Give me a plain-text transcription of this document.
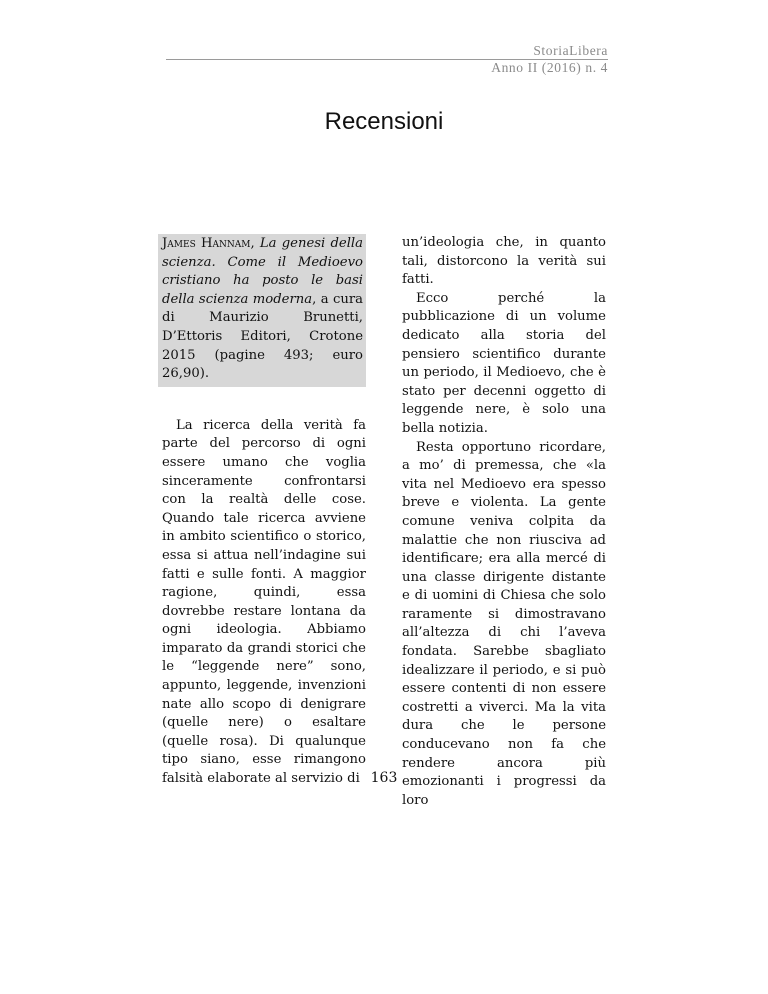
StoriaLibera
Anno II (2016) n. 4
Recensioni
James Hannam, La genesi della scienza. Come il Medioevo cristiano ha posto le basi della scienza moderna, a cura di Maurizio Brunetti, D’Ettoris Editori, Crotone 2015 (pagine 493; euro 26,90).

La ricerca della verità fa parte del percorso di ogni essere umano che voglia sinceramente confrontarsi con la realtà delle cose. Quando tale ricerca avviene in ambito scientifico o storico, essa si attua nell’indagine sui fatti e sulle fonti. A maggior ragione, quindi, essa dovrebbe restare lontana da ogni ideologia. Abbiamo imparato da grandi storici che le “leggende nere” sono, appunto, leggende, invenzioni nate allo scopo di denigrare (quelle nere) o esaltare (quelle rosa). Di qualunque tipo siano, esse rimangono falsità elaborate al servizio di

un’ideologia che, in quanto tali, distorcono la verità sui fatti.

Ecco perché la pubblicazione di un volume dedicato alla storia del pensiero scientifico durante un periodo, il Medioevo, che è stato per decenni oggetto di leggende nere, è solo una bella notizia.

Resta opportuno ricordare, a mo’ di premessa, che «la vita nel Medioevo era spesso breve e violenta. La gente comune veniva colpita da malattie che non riusciva ad identificare; era alla mercé di una classe dirigente distante e di uomini di Chiesa che solo raramente si dimostravano all’altezza di chi l’aveva fondata. Sarebbe sbagliato idealizzare il periodo, e si può essere contenti di non essere costretti a viverci. Ma la vita dura che le persone conducevano non fa che rendere ancora più emozionanti i progressi da loro

163
